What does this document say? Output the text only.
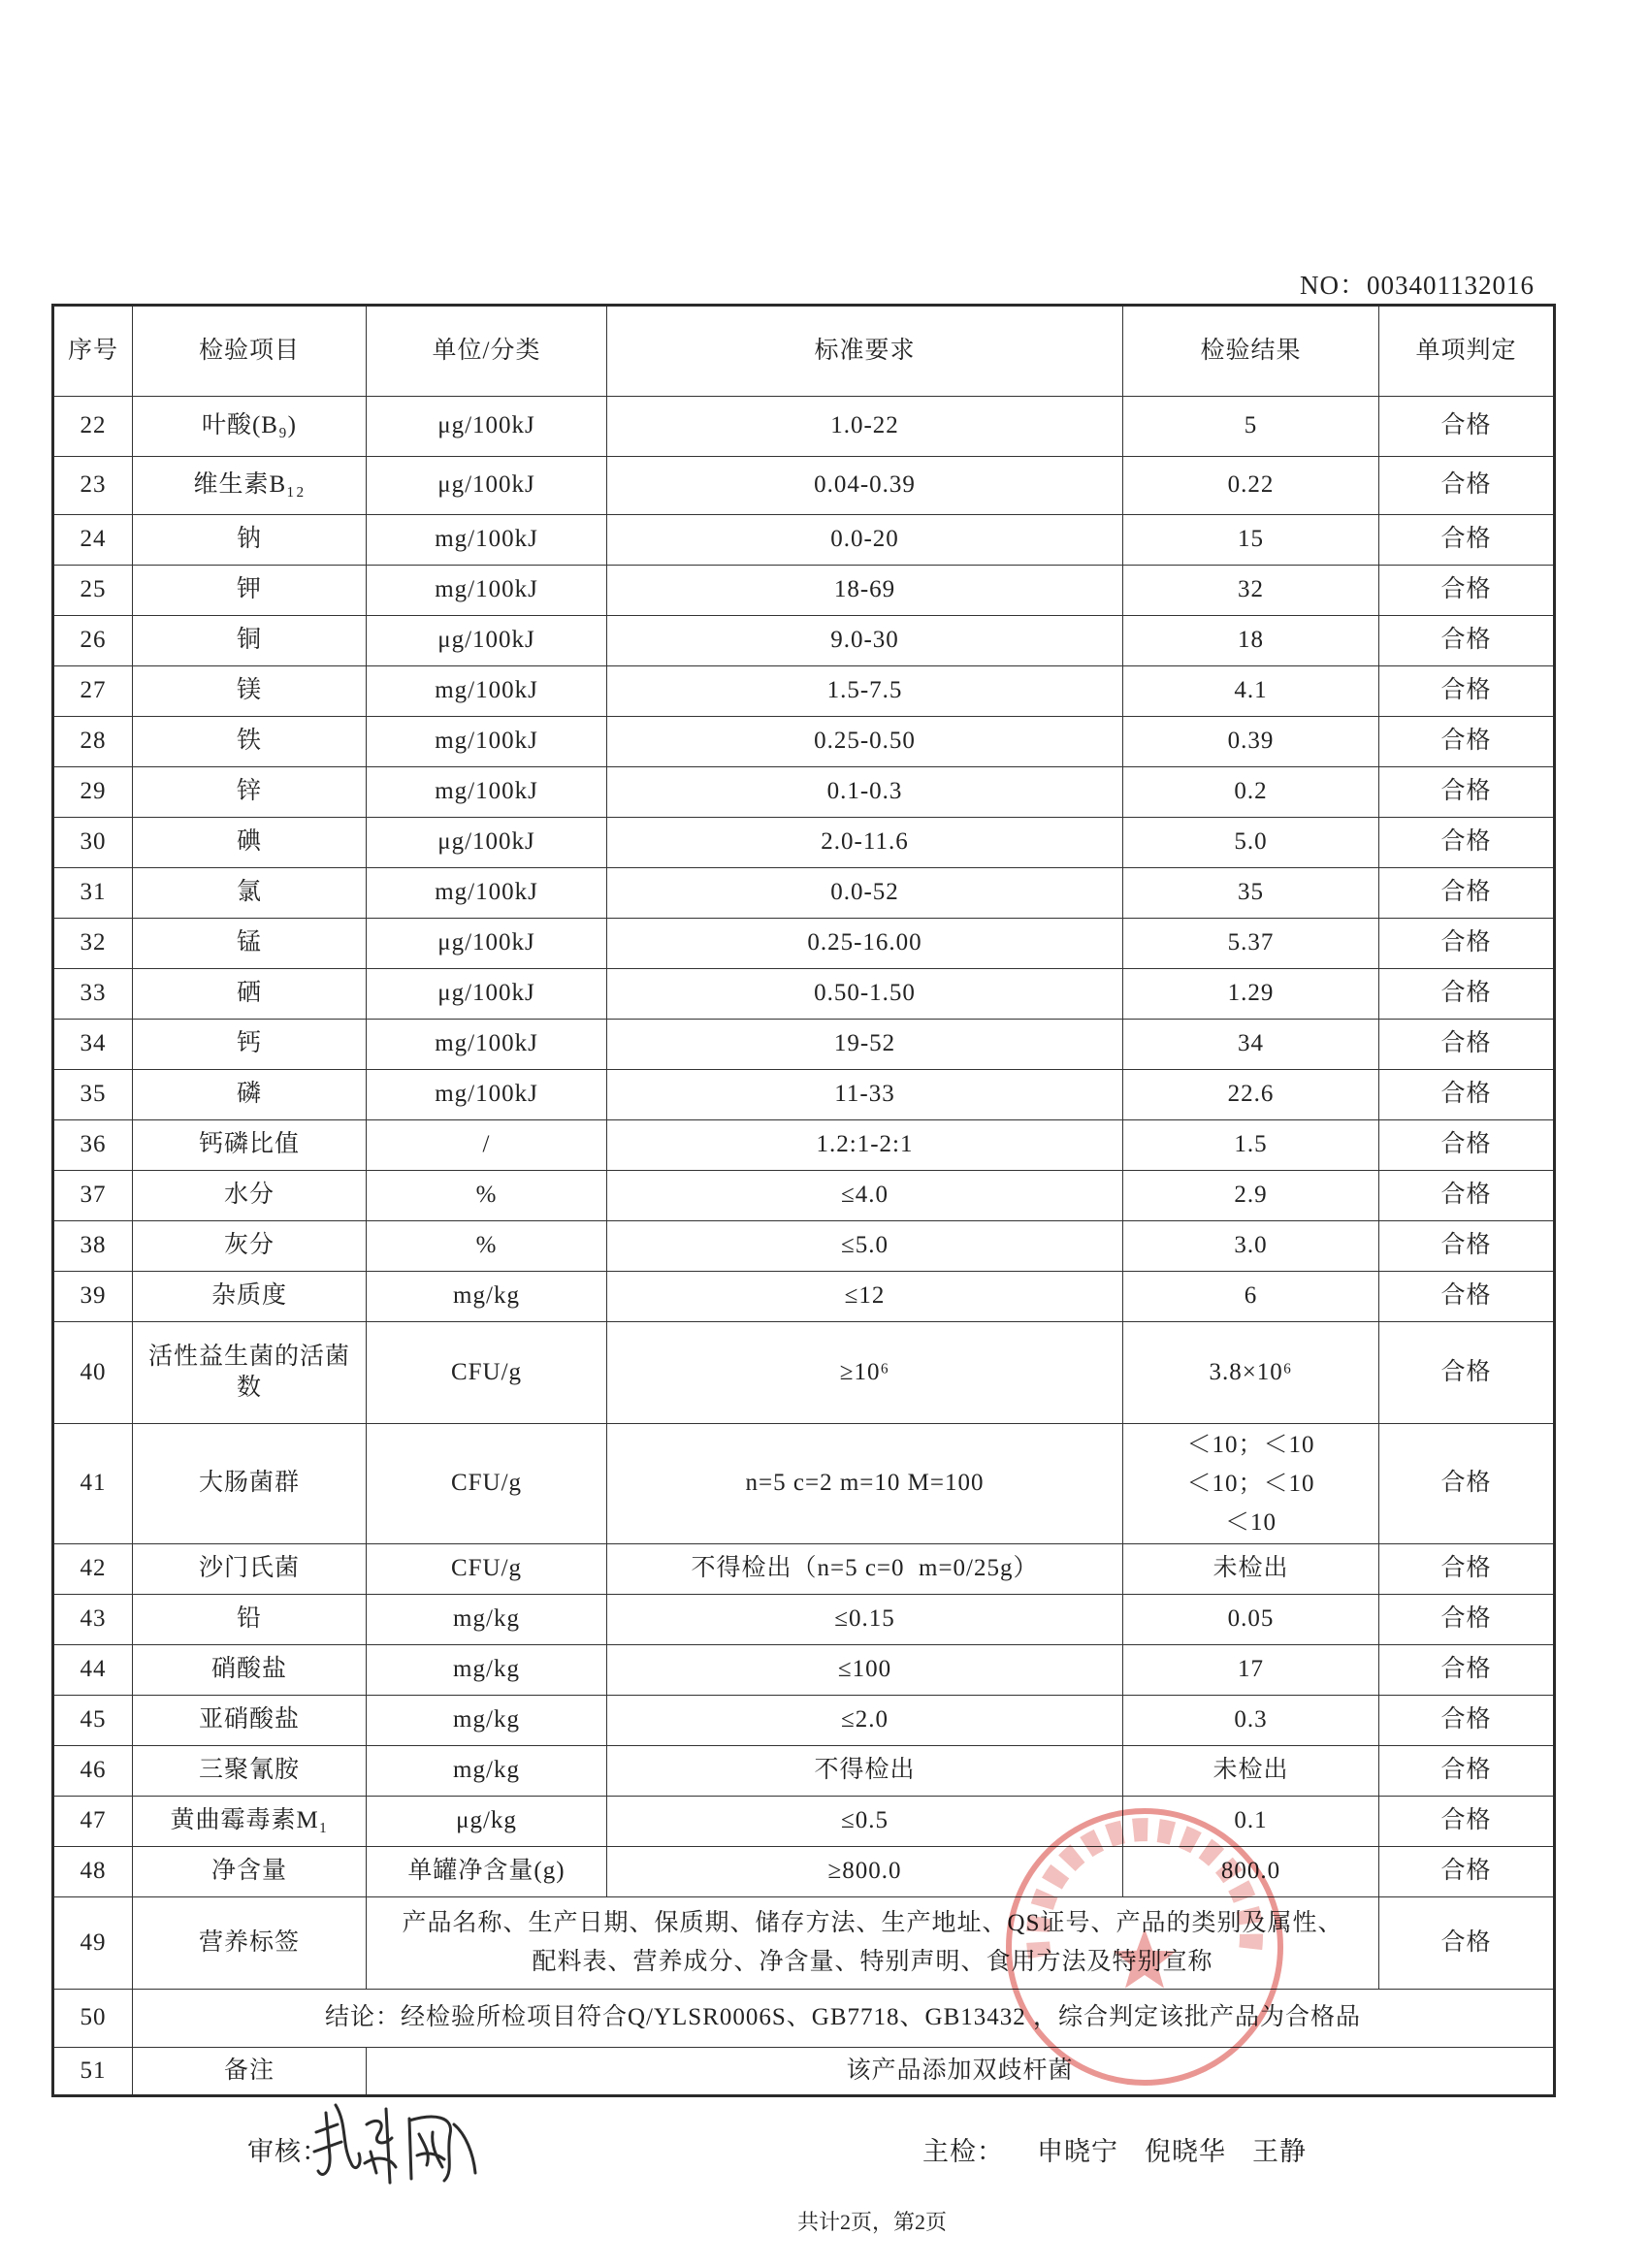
NO：003401132016
序号	检验项目	单位/分类	标准要求	检验结果	单项判定
22	叶酸(B₉)	μg/100kJ	1.0-22	5	合格
23	维生素B₁₂	μg/100kJ	0.04-0.39	0.22	合格
24	钠	mg/100kJ	0.0-20	15	合格
25	钾	mg/100kJ	18-69	32	合格
26	铜	μg/100kJ	9.0-30	18	合格
27	镁	mg/100kJ	1.5-7.5	4.1	合格
28	铁	mg/100kJ	0.25-0.50	0.39	合格
29	锌	mg/100kJ	0.1-0.3	0.2	合格
30	碘	μg/100kJ	2.0-11.6	5.0	合格
31	氯	mg/100kJ	0.0-52	35	合格
32	锰	μg/100kJ	0.25-16.00	5.37	合格
33	硒	μg/100kJ	0.50-1.50	1.29	合格
34	钙	mg/100kJ	19-52	34	合格
35	磷	mg/100kJ	11-33	22.6	合格
36	钙磷比值	/	1.2:1-2:1	1.5	合格
37	水分	%	≤4.0	2.9	合格
38	灰分	%	≤5.0	3.0	合格
39	杂质度	mg/kg	≤12	6	合格
40	活性益生菌的活菌数	CFU/g	≥10⁶	3.8×10⁶	合格
41	大肠菌群	CFU/g	n=5 c=2 m=10 M=100	＜10；＜10
＜10；＜10
＜10	合格
42	沙门氏菌	CFU/g	不得检出（n=5 c=0  m=0/25g）	未检出	合格
43	铅	mg/kg	≤0.15	0.05	合格
44	硝酸盐	mg/kg	≤100	17	合格
45	亚硝酸盐	mg/kg	≤2.0	0.3	合格
46	三聚氰胺	mg/kg	不得检出	未检出	合格
47	黄曲霉毒素M₁	μg/kg	≤0.5	0.1	合格
48	净含量	单罐净含量(g)	≥800.0	800.0	合格
49	营养标签	产品名称、生产日期、保质期、储存方法、生产地址、QS证号、产品的类别及属性、
配料表、营养成分、净含量、特别声明、食用方法及特别宣称			合格
50	结论：经检验所检项目符合Q/YLSR0006S、GB7718、GB13432 ，综合判定该批产品为合格品				
51	备注	该产品添加双歧杆菌			
审核：	主检： 申晓宁 倪晓华 王静
共计2页，第2页
